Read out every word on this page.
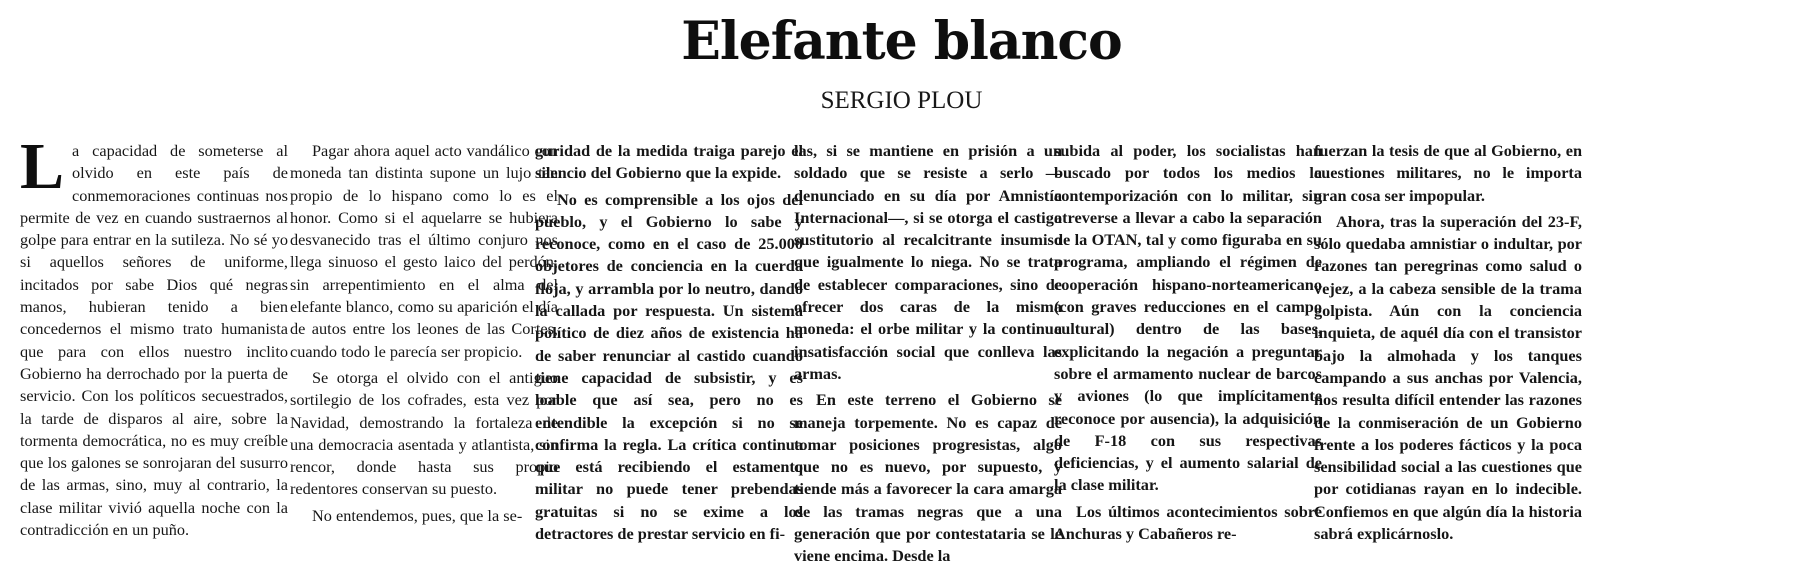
Elefante blanco
SERGIO PLOU

La capacidad de someterse al olvido en este país de conmemoraciones continuas nos permite de vez en cuando sustraernos al golpe para entrar en la sutileza. No sé yo si aquellos señores de uniforme, incitados por sabe Dios qué negras manos, hubieran tenido a bien concedernos el mismo trato humanista que para con ellos nuestro inclito Gobierno ha derrochado por la puerta de servicio. Con los políticos secuestrados, la tarde de disparos al aire, sobre la tormenta democrática, no es muy creíble que los galones se sonrojaran del susurro de las armas, sino, muy al contrario, la clase militar vivió aquella noche con la contradicción en un puño.

Pagar ahora aquel acto vandálico con moneda tan distinta supone un lujo tan propio de lo hispano como lo es el honor. Como si el aquelarre se hubiera desvanecido tras el último conjuro nos llega sinuoso el gesto laico del perdón, sin arrepentimiento en el alma del elefante blanco, como su aparición el día de autos entre los leones de las Cortes, cuando todo le parecía ser propicio.

Se otorga el olvido con el antiguo sortilegio de los cofrades, esta vez por Navidad, demostrando la fortaleza de una democracia asentada y atlantista, sin rencor, donde hasta sus propio redentores conservan su puesto.

No entendemos, pues, que la se-

guridad de la medida traiga parejo el silencio del Gobierno que la expide.

No es comprensible a los ojos del pueblo, y el Gobierno lo sabe y reconoce, como en el caso de 25.000 objetores de conciencia en la cuerda floja, y arrambla por lo neutro, dando la callada por respuesta. Un sistema político de diez años de existencia ha de saber renunciar al castido cuando tiene capacidad de subsistir, y es loable que así sea, pero no es entendible la excepción si no se confirma la regla. La crítica continua que está recibiendo el estamento militar no puede tener prebendas gratuitas si no se exime a los detractores de prestar servicio en fi-

las, si se mantiene en prisión a un soldado que se resiste a serlo —denunciado en su día por Amnistía Internacional—, si se otorga el castigo sustitutorio al recalcitrante insumiso que igualmente lo niega. No se trata de establecer comparaciones, sino de ofrecer dos caras de la misma moneda: el orbe militar y la continua insatisfacción social que conlleva las armas.

En este terreno el Gobierno se maneja torpemente. No es capaz de tomar posiciones progresistas, algo que no es nuevo, por supuesto, y tiende más a favorecer la cara amarga de las tramas negras que a una generación que por contestataria se le viene encima. Desde la

subida al poder, los socialistas han buscado por todos los medios la contemporización con lo militar, sin atreverse a llevar a cabo la separación de la OTAN, tal y como figuraba en su programa, ampliando el régimen de cooperación hispano-norteamericano (con graves reducciones en el campo cultural) dentro de las bases, explicitando la negación a preguntar sobre el armamento nuclear de barcos y aviones (lo que implícitamente reconoce por ausencia), la adquisición de F-18 con sus respectivas deficiencias, y el aumento salarial de la clase militar.

Los últimos acontecimientos sobre Anchuras y Cabañeros re-

fuerzan la tesis de que al Gobierno, en cuestiones militares, no le importa gran cosa ser impopular.

Ahora, tras la superación del 23-F, sólo quedaba amnistiar o indultar, por razones tan peregrinas como salud o vejez, a la cabeza sensible de la trama golpista. Aún con la conciencia inquieta, de aquél día con el transistor bajo la almohada y los tanques campando a sus anchas por Valencia, nos resulta difícil entender las razones de la conmiseración de un Gobierno frente a los poderes fácticos y la poca sensibilidad social a las cuestiones que por cotidianas rayan en lo indecible. Confiemos en que algún día la historia sabrá explicárnoslo.
